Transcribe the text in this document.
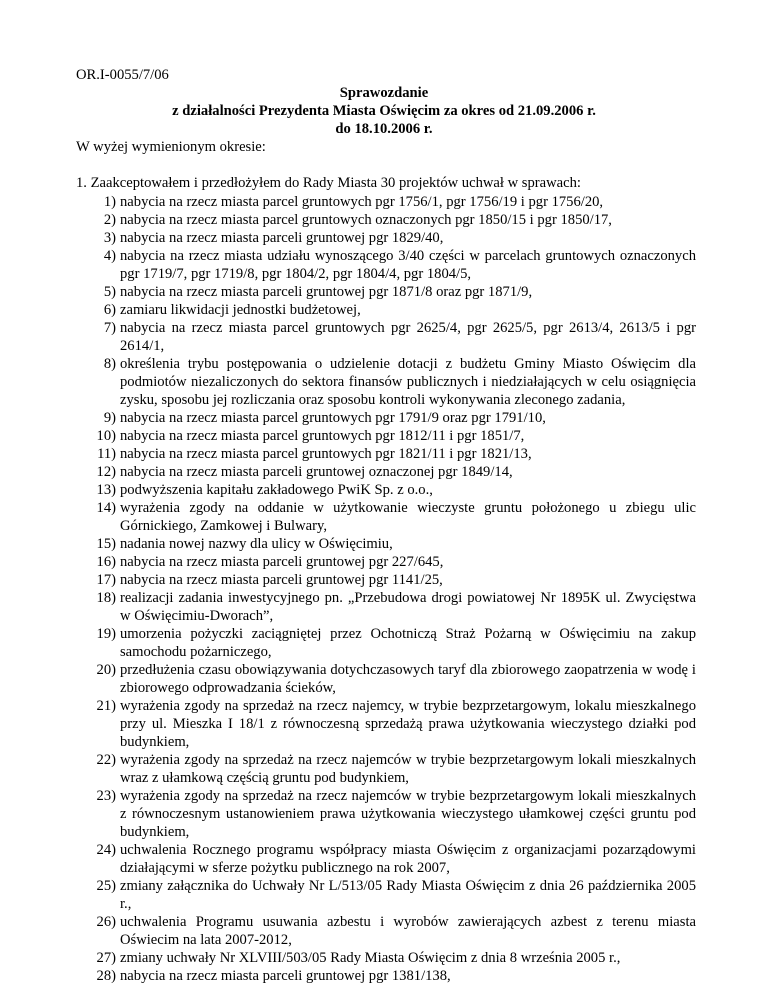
OR.I-0055/7/06
Sprawozdanie
z działalności Prezydenta Miasta Oświęcim za okres od 21.09.2006 r.
do 18.10.2006 r.
W wyżej wymienionym okresie:
1. Zaakceptowałem i przedłożyłem do Rady Miasta 30 projektów uchwał w sprawach:
1) nabycia na rzecz miasta parcel gruntowych pgr 1756/1, pgr 1756/19 i pgr 1756/20,
2) nabycia na rzecz miasta parcel gruntowych oznaczonych pgr 1850/15 i pgr 1850/17,
3) nabycia na rzecz miasta parceli gruntowej pgr 1829/40,
4) nabycia na rzecz miasta udziału wynoszącego 3/40 części w parcelach gruntowych oznaczonych pgr 1719/7, pgr 1719/8, pgr 1804/2, pgr 1804/4, pgr 1804/5,
5) nabycia na rzecz miasta parceli gruntowej pgr 1871/8 oraz pgr 1871/9,
6) zamiaru likwidacji jednostki budżetowej,
7) nabycia na rzecz miasta parcel gruntowych pgr 2625/4, pgr 2625/5, pgr 2613/4, 2613/5 i pgr 2614/1,
8) określenia trybu postępowania o udzielenie dotacji z budżetu Gminy Miasto Oświęcim dla podmiotów niezaliczonych do sektora finansów publicznych i niedziałających w celu osiągnięcia zysku, sposobu jej rozliczania oraz sposobu kontroli wykonywania zleconego zadania,
9) nabycia na rzecz miasta parcel gruntowych pgr 1791/9 oraz pgr 1791/10,
10) nabycia na rzecz miasta parcel gruntowych pgr 1812/11 i pgr 1851/7,
11) nabycia na rzecz miasta parcel gruntowych pgr 1821/11 i pgr 1821/13,
12) nabycia na rzecz miasta parceli gruntowej oznaczonej pgr 1849/14,
13) podwyższenia kapitału zakładowego PwiK Sp. z o.o.,
14) wyrażenia zgody na oddanie w użytkowanie wieczyste gruntu położonego u zbiegu ulic Górnickiego, Zamkowej i Bulwary,
15) nadania nowej nazwy dla ulicy w Oświęcimiu,
16) nabycia na rzecz miasta parceli gruntowej pgr 227/645,
17) nabycia na rzecz miasta parceli gruntowej pgr 1141/25,
18) realizacji zadania inwestycyjnego pn. „Przebudowa drogi powiatowej Nr 1895K ul. Zwycięstwa w Oświęcimiu-Dworach”,
19) umorzenia pożyczki zaciągniętej przez Ochotniczą Straż Pożarną w Oświęcimiu na zakup samochodu pożarniczego,
20) przedłużenia czasu obowiązywania dotychczasowych taryf dla zbiorowego zaopatrzenia w wodę i zbiorowego odprowadzania ścieków,
21) wyrażenia zgody na sprzedaż na rzecz najemcy, w trybie bezprzetargowym, lokalu mieszkalnego przy ul. Mieszka I 18/1 z równoczesną sprzedażą prawa użytkowania wieczystego działki pod budynkiem,
22) wyrażenia zgody na sprzedaż na rzecz najemców w trybie bezprzetargowym lokali mieszkalnych wraz z ułamkową częścią gruntu pod budynkiem,
23) wyrażenia zgody na sprzedaż na rzecz najemców w trybie bezprzetargowym lokali mieszkalnych z równoczesnym ustanowieniem prawa użytkowania wieczystego ułamkowej części gruntu pod budynkiem,
24) uchwalenia Rocznego programu współpracy miasta Oświęcim z organizacjami pozarządowymi działającymi w sferze pożytku publicznego na rok 2007,
25) zmiany załącznika do Uchwały Nr L/513/05 Rady Miasta Oświęcim z dnia 26 października 2005 r.,
26) uchwalenia Programu usuwania azbestu i wyrobów zawierających azbest z terenu miasta Oświecim na lata 2007-2012,
27) zmiany uchwały Nr XLVIII/503/05 Rady Miasta Oświęcim z dnia 8 września 2005 r.,
28) nabycia na rzecz miasta parceli gruntowej pgr 1381/138,
